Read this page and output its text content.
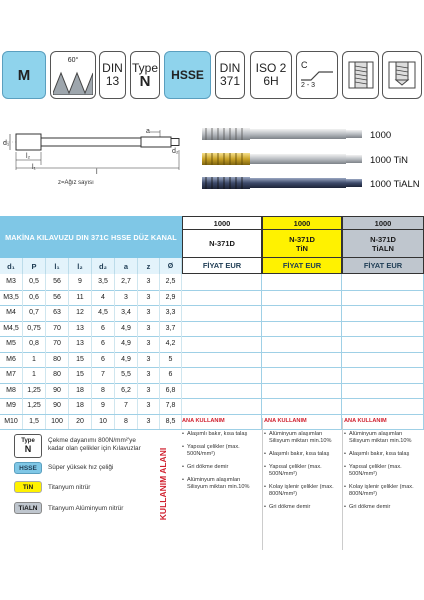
M
60°
DIN 13
Type
N HSSE DIN
371
ISO 2
6H
C
2 - 3
d₁
l₂
l₁
l
a
d₂
z=Ağız sayısı
1000
1000 TiN
1000 TiALN
MAKİNA KILAVUZU DIN 371C HSSE DÜZ KANAL
1000
N-371D
1000
N-371D
TiN
1000
N-371D
TiALN
d₁	P	l₁	l₂	d₂	a	z	Ø	FİYAT EUR	FİYAT EUR	FİYAT EUR
M3	0,5	56	9	3,5	2,7	3	2,5
M3,5	0,6	56	11	4	3	3	2,9
M4	0,7	63	12	4,5	3,4	3	3,3
M4,5	0,75	70	13	6	4,9	3	3,7
M5	0,8	70	13	6	4,9	3	4,2
M6	1	80	15	6	4,9	3	5
M7	1	80	15	7	5,5	3	6
M8	1,25	90	18	8	6,2	3	6,8
M9	1,25	90	18	9	7	3	7,8
M10	1,5	100	20	10	8	3	8,5
Type
N
Çekme dayanımı 800N/mm²'ye kadar olan çelikler için Kılavuzlar
HSSE	Süper yüksek hız çeliği
TiN	Titanyum nitrür
TiALN	Titanyum Alüminyum nitrür	KULLANIM ALANI
ANA KULLANIM
• Alaşımlı bakır, kısa talaş
• Yapısal çelikler (max. 500N/mm²)
• Gri dökme demir
• Alüminyum alaşımları Silisyum miktarı min.10%
ANA KULLANIM
• Alüminyum alaşımları Silisyum miktarı min.10%
• Alaşımlı bakır, kısa talaş
• Yapısal çelikler (max. 500N/mm²)
• Kolay işlenir çelikler (max. 800N/mm²)
• Gri dökme demir
ANA KULLANIM
• Alüminyum alaşımları Silisyum miktarı min.10%
• Alaşımlı bakır, kısa talaş
• Yapısal çelikler (max. 500N/mm²)
• Kolay işlenir çelikler (max. 800N/mm²)
• Gri dökme demir
